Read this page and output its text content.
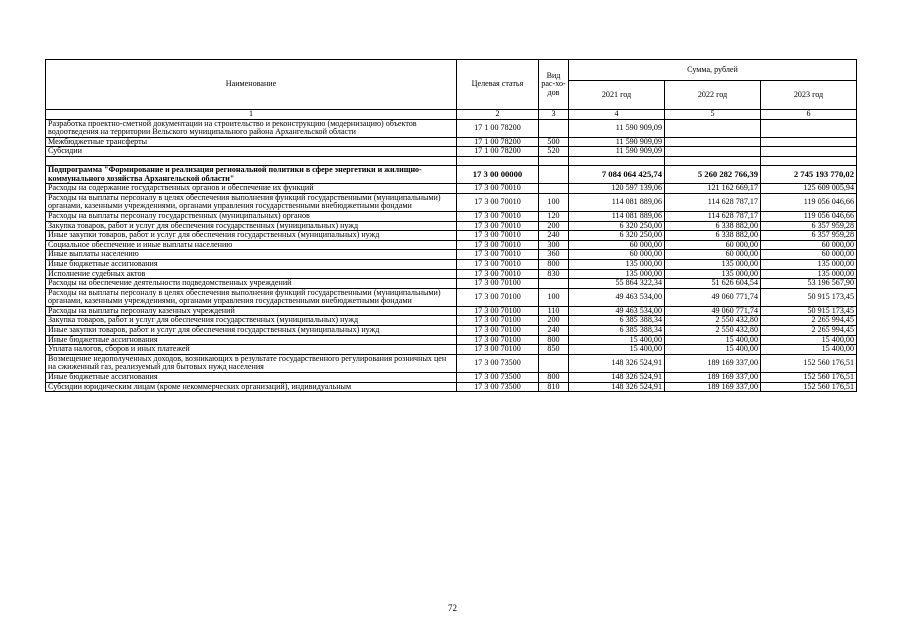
Наименование	Целевая статья	Вид рас-хо-дов	Сумма, рублей		
			2021 год	2022 год	2023 год
1	2	3	4	5	6
Разработка проектно-сметной документации на строительство и реконструкцию (модернизацию) объектов водоотведения на территории Вельского муниципального района Архангельской области	17 1 00 78200		11 590 909,09		
Межбюджетные трансферты	17 1 00 78200	500	11 590 909,09		
Субсидии	17 1 00 78200	520	11 590 909,09		

Подпрограмма "Формирование и реализация региональной политики в сфере энергетики и жилищно-коммунального хозяйства Архангельской области"	17 3 00 00000		7 084 064 425,74	5 260 282 766,39	2 745 193 770,02
Расходы на содержание государственных органов и обеспечение их функций	17 3 00 70010		120 597 139,06	121 162 669,17	125 609 005,94
Расходы на выплаты персоналу в целях обеспечения выполнения функций государственными (муниципальными) органами, казенными учреждениями, органами управления государственными внебюджетными фондами	17 3 00 70010	100	114 081 889,06	114 628 787,17	119 056 046,66
Расходы на выплаты персоналу государственных (муниципальных) органов	17 3 00 70010	120	114 081 889,06	114 628 787,17	119 056 046,66
Закупка товаров, работ и услуг для обеспечения государственных (муниципальных) нужд	17 3 00 70010	200	6 320 250,00	6 338 882,00	6 357 959,28
Иные закупки товаров, работ и услуг для обеспечения государственных (муниципальных) нужд	17 3 00 70010	240	6 320 250,00	6 338 882,00	6 357 959,28
Социальное обеспечение и иные выплаты населению	17 3 00 70010	300	60 000,00	60 000,00	60 000,00
Иные выплаты населению	17 3 00 70010	360	60 000,00	60 000,00	60 000,00
Иные бюджетные ассигнования	17 3 00 70010	800	135 000,00	135 000,00	135 000,00
Исполнение судебных актов	17 3 00 70010	830	135 000,00	135 000,00	135 000,00
Расходы на обеспечение деятельности подведомственных учреждений	17 3 00 70100		55 864 322,34	51 626 604,54	53 196 567,90
Расходы на выплаты персоналу в целях обеспечения выполнения функций государственными (муниципальными) органами, казенными учреждениями, органами управления государственными внебюджетными фондами	17 3 00 70100	100	49 463 534,00	49 060 771,74	50 915 173,45
Расходы на выплаты персоналу казенных учреждений	17 3 00 70100	110	49 463 534,00	49 060 771,74	50 915 173,45
Закупка товаров, работ и услуг для обеспечения государственных (муниципальных) нужд	17 3 00 70100	200	6 385 388,34	2 550 432,80	2 265 994,45
Иные закупки товаров, работ и услуг для обеспечения государственных (муниципальных) нужд	17 3 00 70100	240	6 385 388,34	2 550 432,80	2 265 994,45
Иные бюджетные ассигнования	17 3 00 70100	800	15 400,00	15 400,00	15 400,00
Уплата налогов, сборов и иных платежей	17 3 00 70100	850	15 400,00	15 400,00	15 400,00
Возмещение недополученных доходов, возникающих в результате государственного регулирования розничных цен на сжиженный газ, реализуемый для бытовых нужд населения	17 3 00 73500		148 326 524,91	189 169 337,00	152 560 176,51
Иные бюджетные ассигнования	17 3 00 73500	800	148 326 524,91	189 169 337,00	152 560 176,51
Субсидии юридическим лицам (кроме некоммерческих организаций), индивидуальным	17 3 00 73500	810	148 326 524,91	189 169 337,00	152 560 176,51
72
